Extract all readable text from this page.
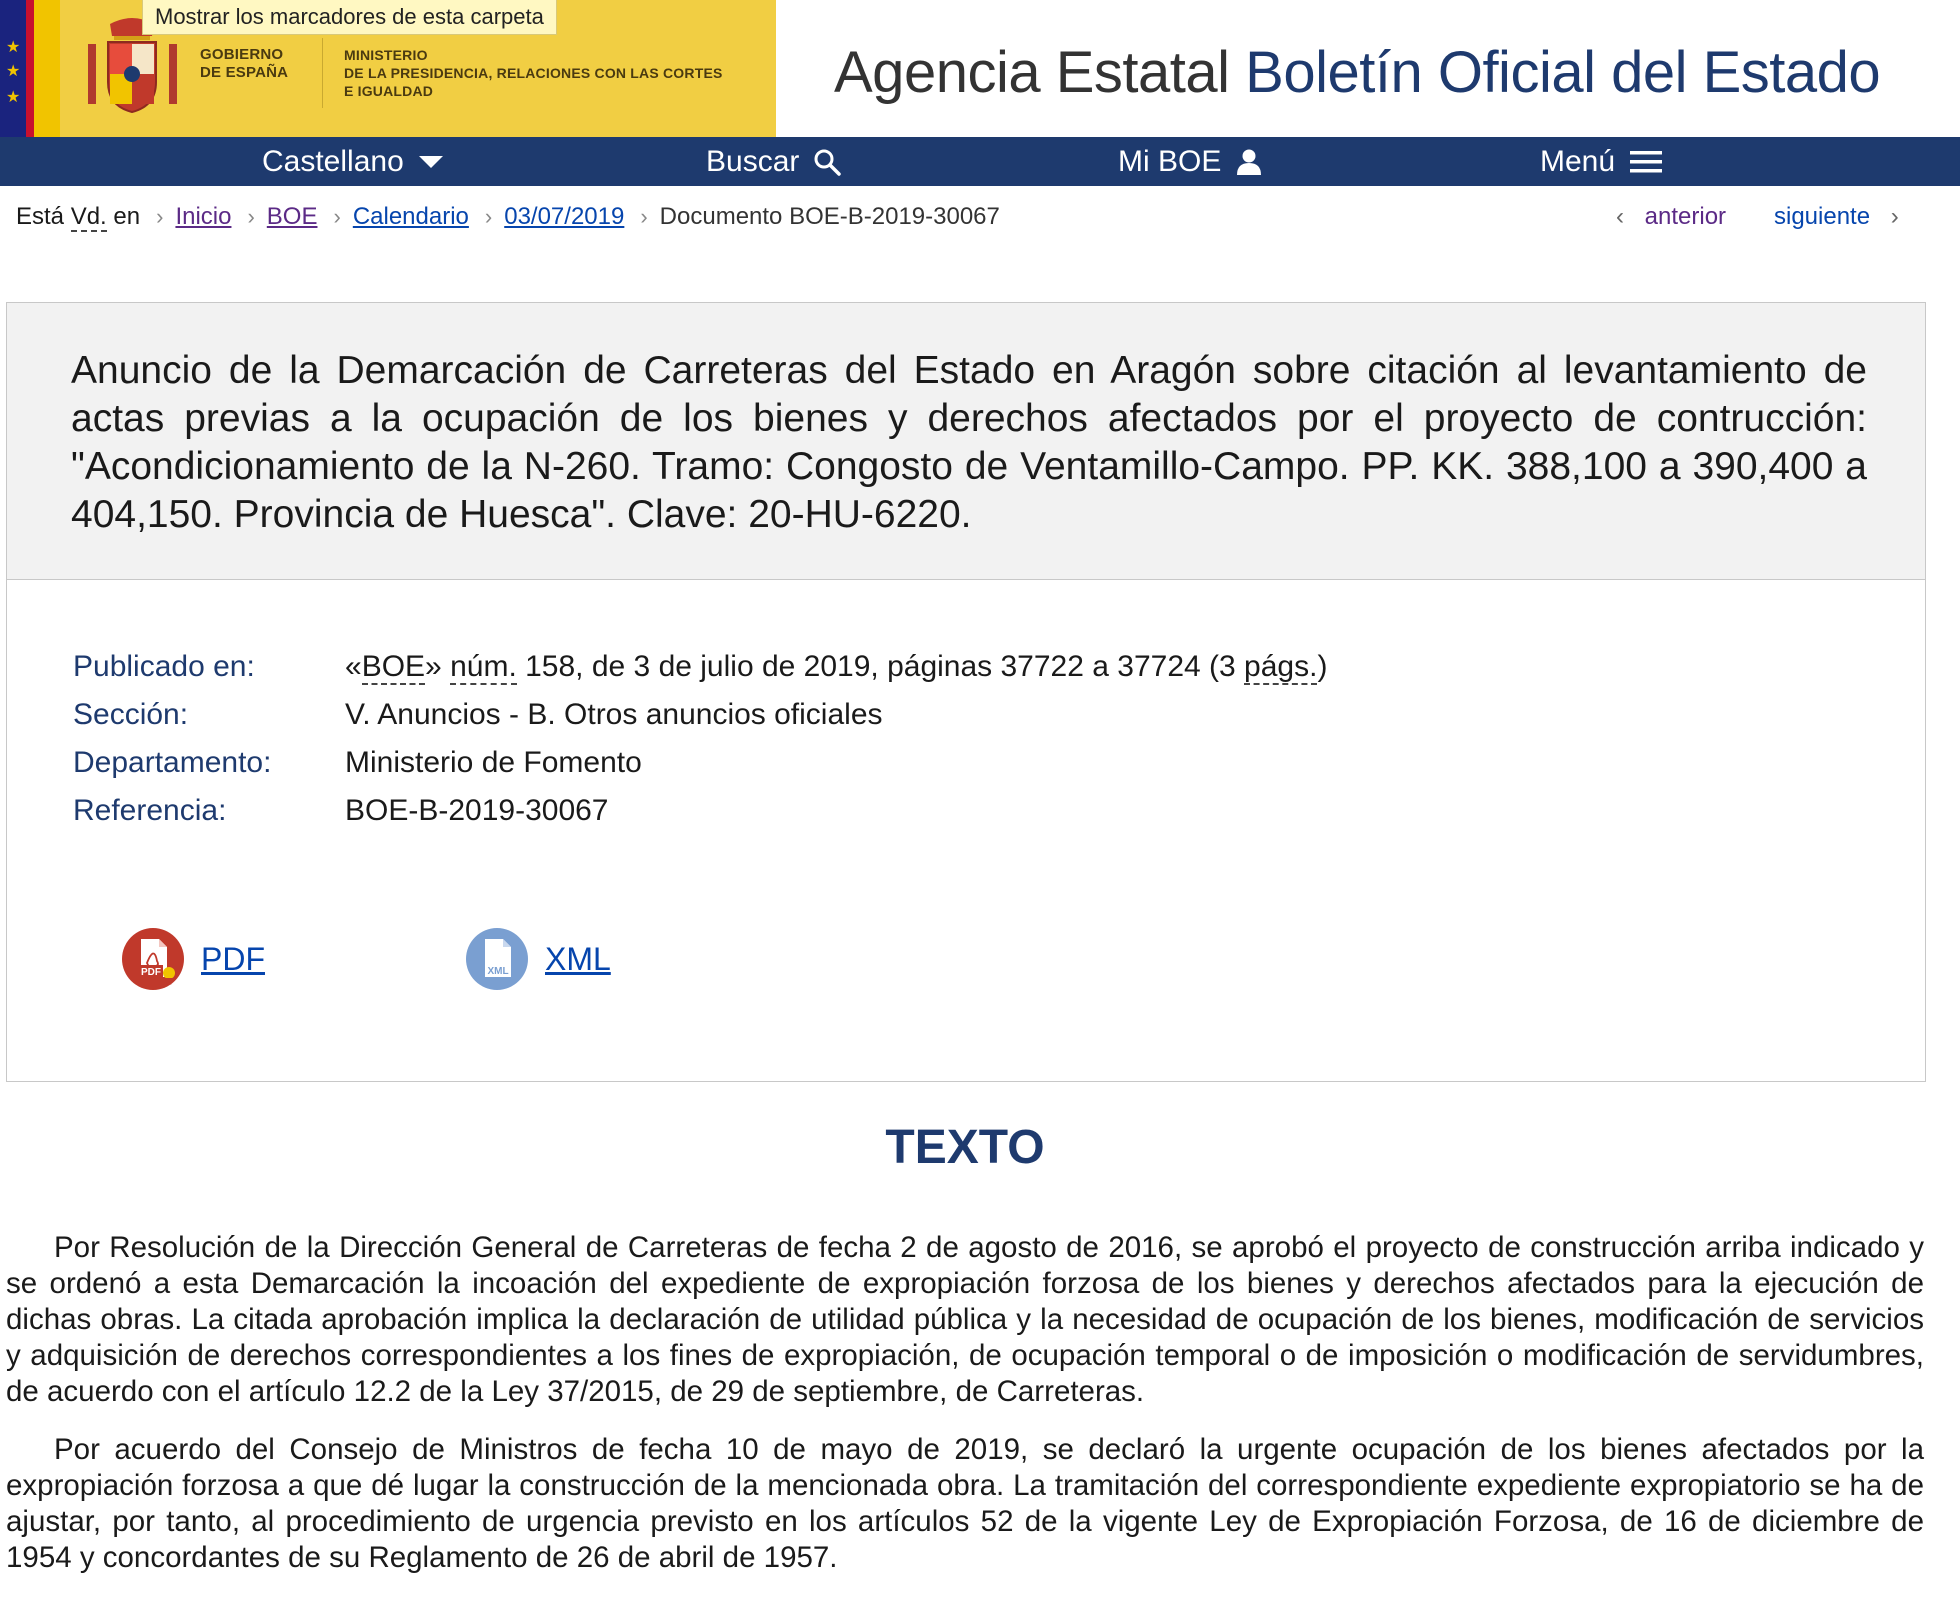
★
★
★
GOBIERNO
DE ESPAÑA
MINISTERIO
DE LA PRESIDENCIA, RELACIONES CON LAS CORTES
E IGUALDAD
Mostrar los marcadores de esta carpeta
Agencia Estatal Boletín Oficial del Estado
Castellano	Buscar	Mi BOE	Menú
Está Vd. en › Inicio › BOE › Calendario › 03/07/2019 › Documento BOE-B-2019-30067	‹ anterior siguiente ›
Anuncio de la Demarcación de Carreteras del Estado en Aragón sobre citación al levantamiento de actas previas a la ocupación de los bienes y derechos afectados por el proyecto de contrucción: "Acondicionamiento de la N-260. Tramo: Congosto de Ventamillo-Campo. PP. KK. 388,100 a 390,400 a 404,150. Provincia de Huesca". Clave: 20-HU-6220.
Publicado en:	«BOE» núm. 158, de 3 de julio de 2019, páginas 37722 a 37724 (3 págs.)
Sección:	V. Anuncios - B. Otros anuncios oficiales
Departamento:	Ministerio de Fomento
Referencia:	BOE-B-2019-30067
PDF PDF	XML XML
TEXTO

Por Resolución de la Dirección General de Carreteras de fecha 2 de agosto de 2016, se aprobó el proyecto de construcción arriba indicado y se ordenó a esta Demarcación la incoación del expediente de expropiación forzosa de los bienes y derechos afectados para la ejecución de dichas obras. La citada aprobación implica la declaración de utilidad pública y la necesidad de ocupación de los bienes, modificación de servicios y adquisición de derechos correspondientes a los fines de expropiación, de ocupación temporal o de imposición o modificación de servidumbres, de acuerdo con el artículo 12.2 de la Ley 37/2015, de 29 de septiembre, de Carreteras.

Por acuerdo del Consejo de Ministros de fecha 10 de mayo de 2019, se declaró la urgente ocupación de los bienes afectados por la expropiación forzosa a que dé lugar la construcción de la mencionada obra. La tramitación del correspondiente expediente expropiatorio se ha de ajustar, por tanto, al procedimiento de urgencia previsto en los artículos 52 de la vigente Ley de Expropiación Forzosa, de 16 de diciembre de 1954 y concordantes de su Reglamento de 26 de abril de 1957.
